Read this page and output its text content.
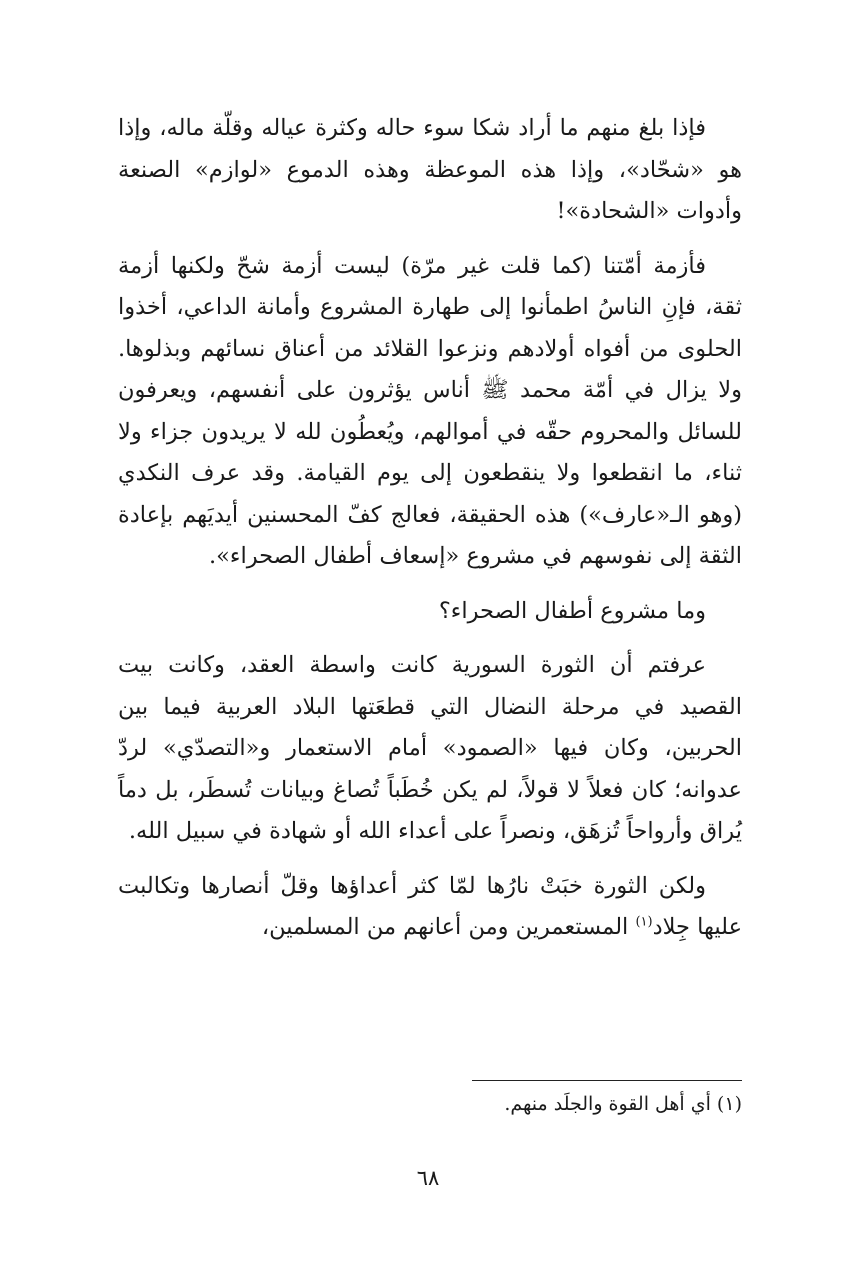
فإذا بلغ منهم ما أراد شكا سوء حاله وكثرة عياله وقلّة ماله، وإذا هو «شحّاد»، وإذا هذه الموعظة وهذه الدموع «لوازم» الصنعة وأدوات «الشحادة»!

فأزمة أمّتنا (كما قلت غير مرّة) ليست أزمة شحّ ولكنها أزمة ثقة، فإنِ الناسُ اطمأنوا إلى طهارة المشروع وأمانة الداعي، أخذوا الحلوى من أفواه أولادهم ونزعوا القلائد من أعناق نسائهم وبذلوها. ولا يزال في أمّة محمد ﷺ أناس يؤثرون على أنفسهم، ويعرفون للسائل والمحروم حقّه في أموالهم، ويُعطُون لله لا يريدون جزاء ولا ثناء، ما انقطعوا ولا ينقطعون إلى يوم القيامة. وقد عرف النكدي (وهو الـ«عارف») هذه الحقيقة، فعالج كفّ المحسنين أيديَهم بإعادة الثقة إلى نفوسهم في مشروع «إسعاف أطفال الصحراء».

وما مشروع أطفال الصحراء؟

عرفتم أن الثورة السورية كانت واسطة العقد، وكانت بيت القصيد في مرحلة النضال التي قطعَتها البلاد العربية فيما بين الحربين، وكان فيها «الصمود» أمام الاستعمار و«التصدّي» لردّ عدوانه؛ كان فعلاً لا قولاً، لم يكن خُطَباً تُصاغ وبيانات تُسطَر، بل دماً يُراق وأرواحاً تُزهَق، ونصراً على أعداء الله أو شهادة في سبيل الله.

ولكن الثورة خبَتْ نارُها لمّا كثر أعداؤها وقلّ أنصارها وتكالبت عليها جِلاد$^{(١)}$ المستعمرين ومن أعانهم من المسلمين،

(١) أي أهل القوة والجلَد منهم.
٦٨
